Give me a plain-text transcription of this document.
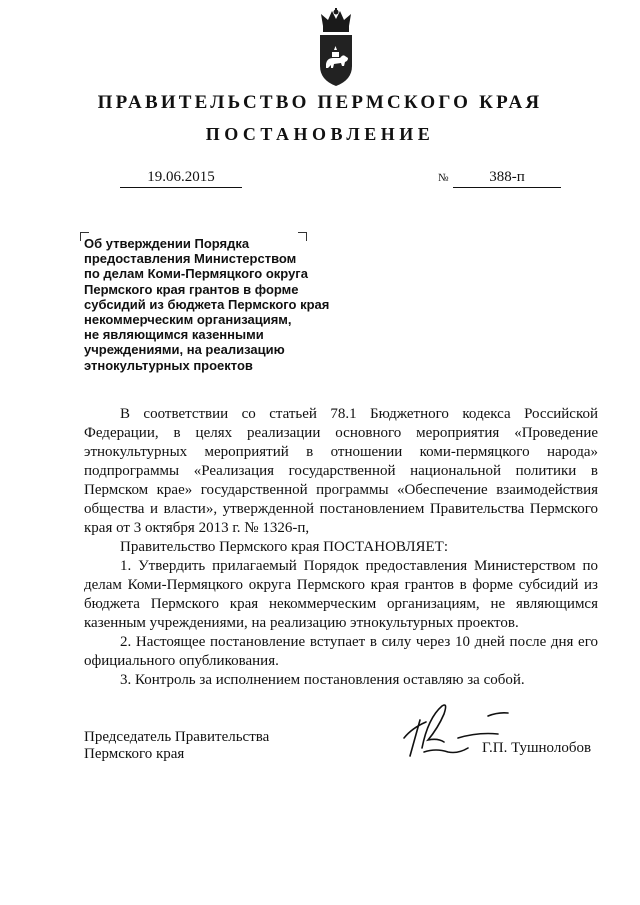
ПРАВИТЕЛЬСТВО ПЕРМСКОГО КРАЯ
ПОСТАНОВЛЕНИЕ
19.06.2015	№	388-п
Об утверждении Порядка
предоставления Министерством
по делам Коми-Пермяцкого округа
Пермского края грантов в форме
субсидий из бюджета Пермского края
некоммерческим организациям,
не являющимся казенными
учреждениями, на реализацию
этнокультурных проектов

В соответствии со статьей 78.1 Бюджетного кодекса Российской Федерации, в целях реализации основного мероприятия «Проведение этнокультурных мероприятий в отношении коми-пермяцкого народа» подпрограммы «Реализация государственной национальной политики в Пермском крае» государственной программы «Обеспечение взаимодействия общества и власти», утвержденной постановлением Правительства Пермского края от 3 октября 2013 г. № 1326-п,

Правительство Пермского края ПОСТАНОВЛЯЕТ:

1. Утвердить прилагаемый Порядок предоставления Министерством по делам Коми-Пермяцкого округа Пермского края грантов в форме субсидий из бюджета Пермского края некоммерческим организациям, не являющимся казенным учреждениями, на реализацию этнокультурных проектов.

2. Настоящее постановление вступает в силу через 10 дней после дня его официального опубликования.

3. Контроль за исполнением постановления оставляю за собой.

Председатель Правительства
Пермского края	Г.П. Тушнолобов
